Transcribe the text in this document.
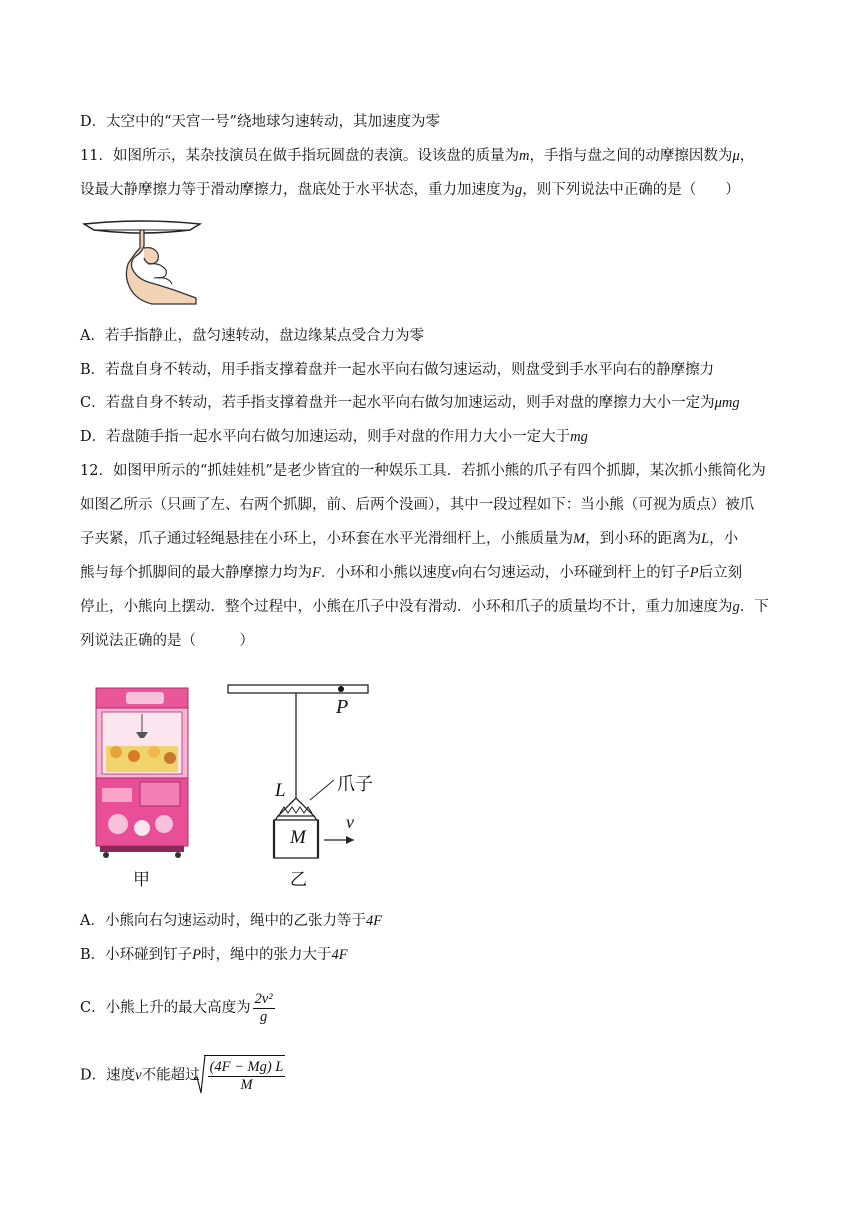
D．太空中的“天宫一号”绕地球匀速转动，其加速度为零
11．如图所示，某杂技演员在做手指玩圆盘的表演。设该盘的质量为m，手指与盘之间的动摩擦因数为μ，
设最大静摩擦力等于滑动摩擦力，盘底处于水平状态，重力加速度为g，则下列说法中正确的是（　　）
A．若手指静止，盘匀速转动，盘边缘某点受合力为零
B．若盘自身不转动，用手指支撑着盘并一起水平向右做匀速运动，则盘受到手水平向右的静摩擦力
C．若盘自身不转动，若手指支撑着盘并一起水平向右做匀加速运动，则手对盘的摩擦力大小一定为μmg
D．若盘随手指一起水平向右做匀加速运动，则手对盘的作用力大小一定大于mg
12．如图甲所示的“抓娃娃机”是老少皆宜的一种娱乐工具．若抓小熊的爪子有四个抓脚，某次抓小熊简化为
如图乙所示（只画了左、右两个抓脚，前、后两个没画），其中一段过程如下：当小熊（可视为质点）被爪
子夹紧，爪子通过轻绳悬挂在小环上，小环套在水平光滑细杆上，小熊质量为M，到小环的距离为L，小
熊与每个抓脚间的最大静摩擦力均为F．小环和小熊以速度v向右匀速运动，小环碰到杆上的钉子P后立刻
停止，小熊向上摆动．整个过程中，小熊在爪子中没有滑动．小环和爪子的质量均不计，重力加速度为g．下
列说法正确的是（　　　）
甲
P
L	爪子
M
v
乙
A．小熊向右匀速运动时，绳中的乙张力等于4F
B．小环碰到钉子P时，绳中的张力大于4F
C．小熊上升的最大高度为 $\frac{\text{2v²}}{g}$
D．速度v不能超过 $\frac{(4F - Mg) L}{M}$
